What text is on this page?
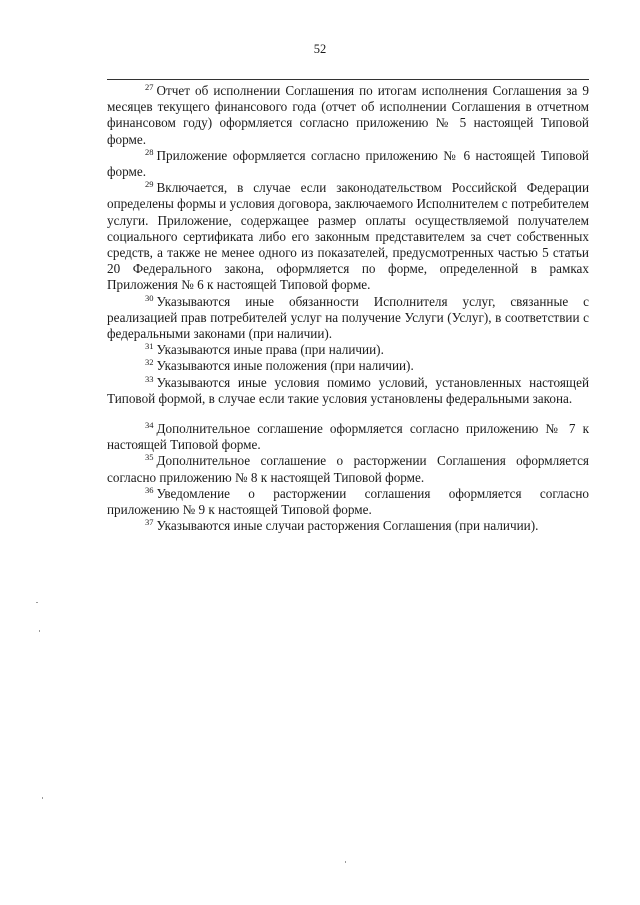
52

$^{27}$ Отчет об исполнении Соглашения по итогам исполнения Соглашения за 9 месяцев текущего финансового года (отчет об исполнении Соглашения в отчетном финансовом году) оформляется согласно приложению № 5 настоящей Типовой форме.

$^{28}$ Приложение оформляется согласно приложению № 6 настоящей Типовой форме.

$^{29}$ Включается, в случае если законодательством Российской Федерации определены формы и условия договора, заключаемого Исполнителем с потребителем услуги. Приложение, содержащее размер оплаты осуществляемой получателем социального сертификата либо его законным представителем за счет собственных средств, а также не менее одного из показателей, предусмотренных частью 5 статьи 20 Федерального закона, оформляется по форме, определенной в рамках Приложения № 6 к настоящей Типовой форме.

$^{30}$ Указываются иные обязанности Исполнителя услуг, связанные с реализацией прав потребителей услуг на получение Услуги (Услуг), в соответствии с федеральными законами (при наличии).

$^{31}$ Указываются иные права (при наличии).

$^{32}$ Указываются иные положения (при наличии).

$^{33}$ Указываются иные условия помимо условий, установленных настоящей Типовой формой, в случае если такие условия установлены федеральными закона.

$^{34}$ Дополнительное соглашение оформляется согласно приложению № 7 к настоящей Типовой форме.

$^{35}$ Дополнительное соглашение о расторжении Соглашения оформляется согласно приложению № 8 к настоящей Типовой форме.

$^{36}$ Уведомление о расторжении соглашения оформляется согласно приложению № 9 к настоящей Типовой форме.

$^{37}$ Указываются иные случаи расторжения Соглашения (при наличии).
